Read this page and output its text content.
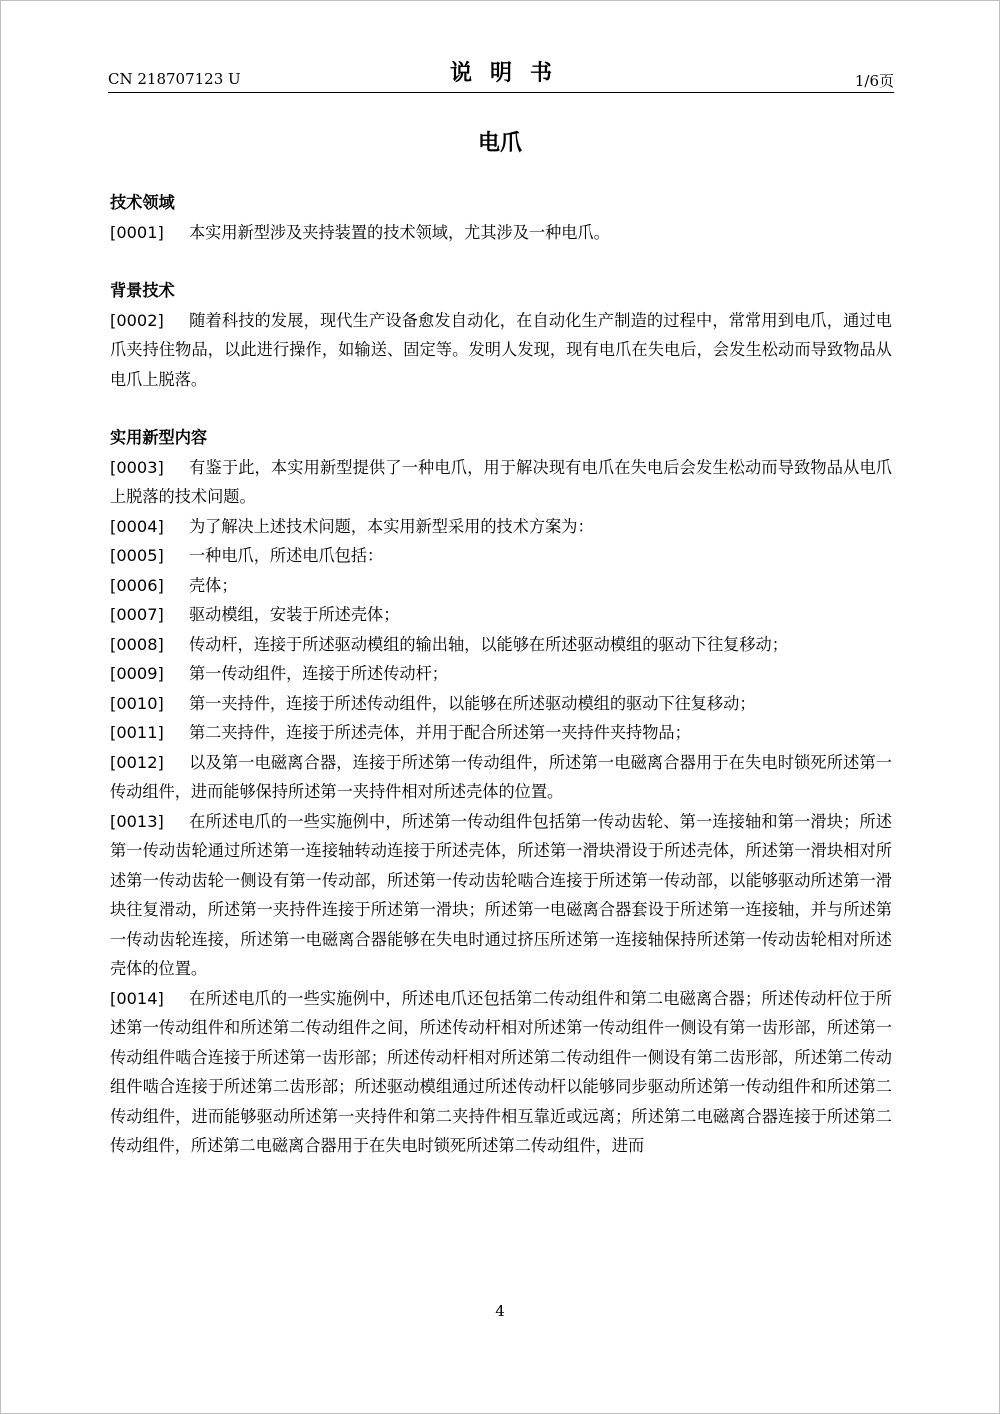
CN 218707123 U	说明书	1/6页
电爪

技术领域

[0001] 本实用新型涉及夹持装置的技术领域，尤其涉及一种电爪。

背景技术

[0002] 随着科技的发展，现代生产设备愈发自动化，在自动化生产制造的过程中，常常用到电爪，通过电爪夹持住物品，以此进行操作，如输送、固定等。发明人发现，现有电爪在失电后，会发生松动而导致物品从电爪上脱落。

实用新型内容

[0003] 有鉴于此，本实用新型提供了一种电爪，用于解决现有电爪在失电后会发生松动而导致物品从电爪上脱落的技术问题。

[0004] 为了解决上述技术问题，本实用新型采用的技术方案为：

[0005] 一种电爪，所述电爪包括：

[0006] 壳体；

[0007] 驱动模组，安装于所述壳体；

[0008] 传动杆，连接于所述驱动模组的输出轴，以能够在所述驱动模组的驱动下往复移动；

[0009] 第一传动组件，连接于所述传动杆；

[0010] 第一夹持件，连接于所述传动组件，以能够在所述驱动模组的驱动下往复移动；

[0011] 第二夹持件，连接于所述壳体，并用于配合所述第一夹持件夹持物品；

[0012] 以及第一电磁离合器，连接于所述第一传动组件，所述第一电磁离合器用于在失电时锁死所述第一传动组件，进而能够保持所述第一夹持件相对所述壳体的位置。

[0013] 在所述电爪的一些实施例中，所述第一传动组件包括第一传动齿轮、第一连接轴和第一滑块；所述第一传动齿轮通过所述第一连接轴转动连接于所述壳体，所述第一滑块滑设于所述壳体，所述第一滑块相对所述第一传动齿轮一侧设有第一传动部，所述第一传动齿轮啮合连接于所述第一传动部，以能够驱动所述第一滑块往复滑动，所述第一夹持件连接于所述第一滑块；所述第一电磁离合器套设于所述第一连接轴，并与所述第一传动齿轮连接，所述第一电磁离合器能够在失电时通过挤压所述第一连接轴保持所述第一传动齿轮相对所述壳体的位置。

[0014] 在所述电爪的一些实施例中，所述电爪还包括第二传动组件和第二电磁离合器；所述传动杆位于所述第一传动组件和所述第二传动组件之间，所述传动杆相对所述第一传动组件一侧设有第一齿形部，所述第一传动组件啮合连接于所述第一齿形部；所述传动杆相对所述第二传动组件一侧设有第二齿形部，所述第二传动组件啮合连接于所述第二齿形部；所述驱动模组通过所述传动杆以能够同步驱动所述第一传动组件和所述第二传动组件，进而能够驱动所述第一夹持件和第二夹持件相互靠近或远离；所述第二电磁离合器连接于所述第二传动组件，所述第二电磁离合器用于在失电时锁死所述第二传动组件，进而

4
